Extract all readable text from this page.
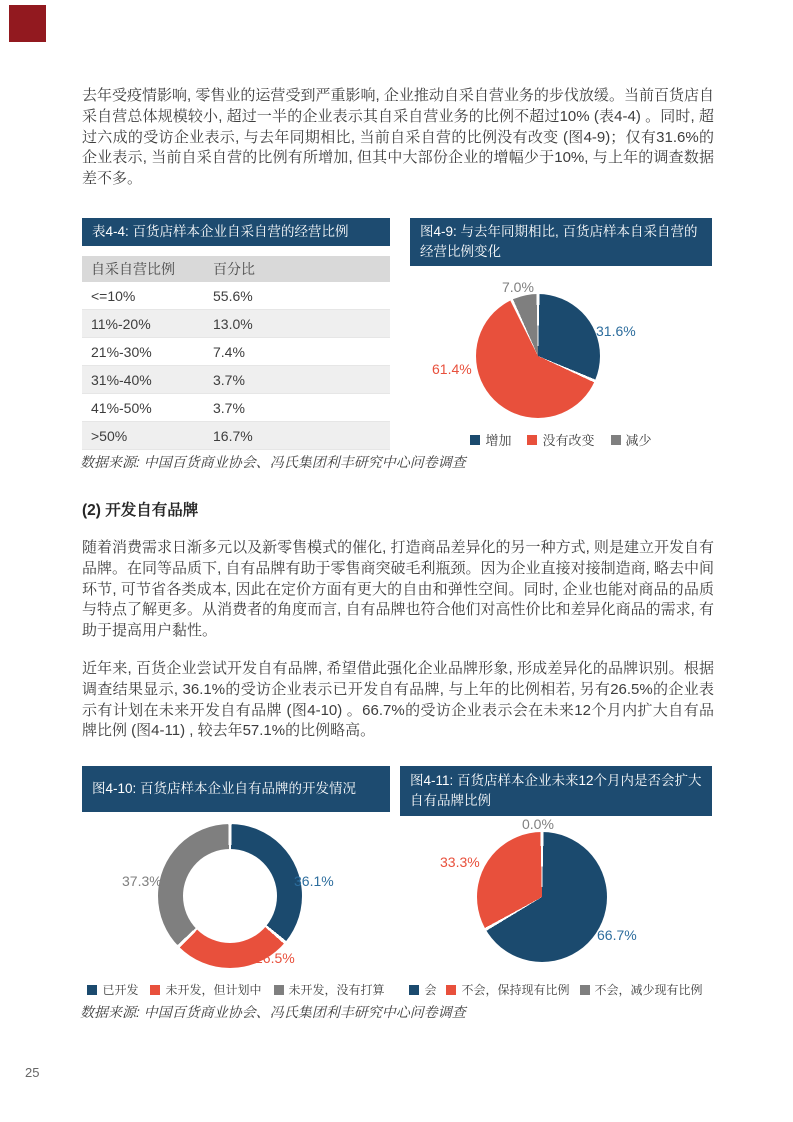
去年受疫情影响, 零售业的运营受到严重影响, 企业推动自采自营业务的步伐放缓。当前百货店自采自营总体规模较小, 超过一半的企业表示其自采自营业务的比例不超过10% (表4-4) 。同时, 超过六成的受访企业表示, 与去年同期相比, 当前自采自营的比例没有改变 (图4-9)；仅有31.6%的企业表示, 当前自采自营的比例有所增加, 但其中大部份企业的增幅少于10%, 与上年的调查数据差不多。

表4-4: 百货店样本企业自采自营的经营比例
自采自营比例	百分比
<=10%	55.6%
11%-20%	13.0%
21%-30%	7.4%
31%-40%	3.7%
41%-50%	3.7%
>50%	16.7%
图4-9: 与去年同期相比, 百货店样本自采自营的经营比例变化
7.0%
31.6%
61.4%
增加 没有改变 减少

数据来源: 中国百货商业协会、冯氏集团利丰研究中心问卷调查

(2) 开发自有品牌

随着消费需求日渐多元以及新零售模式的催化, 打造商品差异化的另一种方式, 则是建立开发自有品牌。在同等品质下, 自有品牌有助于零售商突破毛利瓶颈。因为企业直接对接制造商, 略去中间环节, 可节省各类成本, 因此在定价方面有更大的自由和弹性空间。同时, 企业也能对商品的品质与特点了解更多。从消费者的角度而言, 自有品牌也符合他们对高性价比和差异化商品的需求, 有助于提高用户黏性。

近年来, 百货企业尝试开发自有品牌, 希望借此强化企业品牌形象, 形成差异化的品牌识别。根据调查结果显示, 36.1%的受访企业表示已开发自有品牌, 与上年的比例相若, 另有26.5%的企业表示有计划在未来开发自有品牌 (图4-10) 。66.7%的受访企业表示会在未来12个月内扩大自有品牌比例 (图4-11) , 较去年57.1%的比例略高。

图4-10: 百货店样本企业自有品牌的开发情况
37.3%	36.1%
26.5%
图4-11: 百货店样本企业未来12个月内是否会扩大自有品牌比例
0.0%
66.7%
33.3%
已开发 未开发，但计划中 未开发，没有打算	会 不会，保持现有比例 不会，减少现有比例

数据来源: 中国百货商业协会、冯氏集团利丰研究中心问卷调查

25
